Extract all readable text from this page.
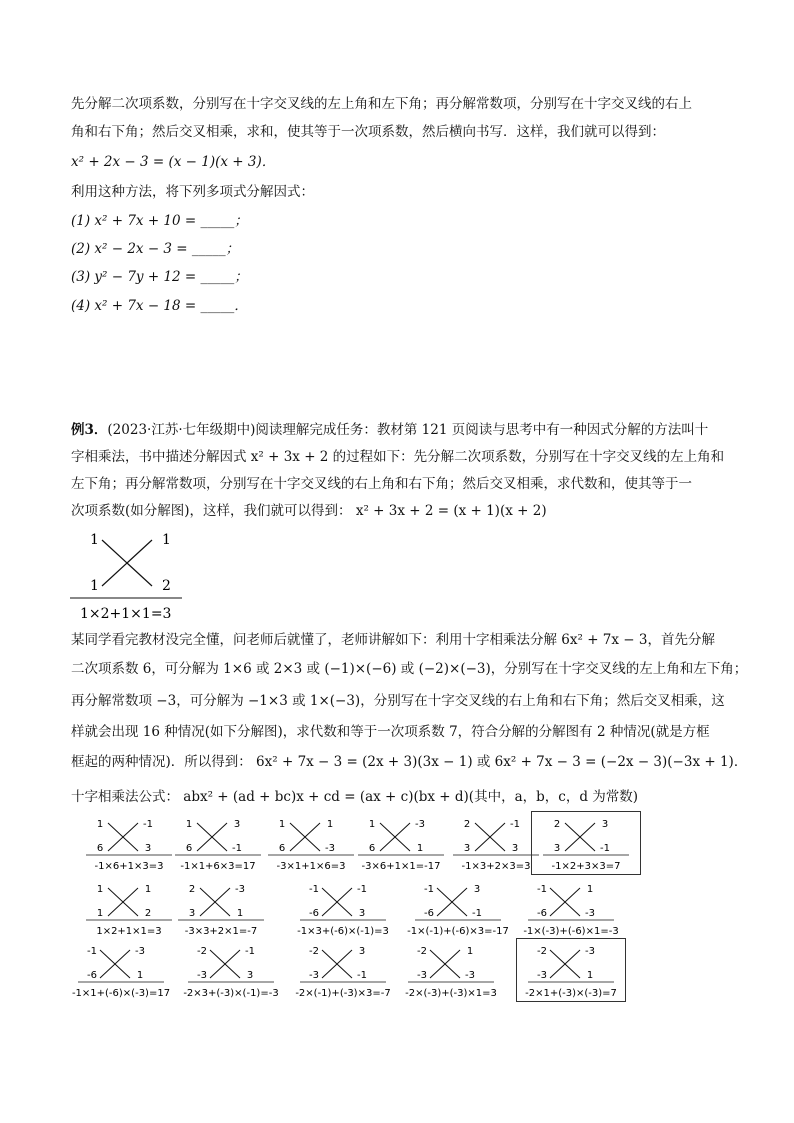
先分解二次项系数，分别写在十字交叉线的左上角和左下角；再分解常数项，分别写在十字交叉线的右上
角和右下角；然后交叉相乘，求和，使其等于一次项系数，然后横向书写．这样，我们就可以得到：
x² + 2x − 3 = (x − 1)(x + 3)．
利用这种方法，将下列多项式分解因式：
(1) x² + 7x + 10 = _____；
(2) x² − 2x − 3 = _____；
(3) y² − 7y + 12 = _____；
(4) x² + 7x − 18 = _____．
例3．(2023·江苏·七年级期中)阅读理解完成任务：教材第 121 页阅读与思考中有一种因式分解的方法叫十
字相乘法，书中描述分解因式 x² + 3x + 2 的过程如下：先分解二次项系数，分别写在十字交叉线的左上角和
左下角；再分解常数项，分别写在十字交叉线的右上角和右下角；然后交叉相乘，求代数和，使其等于一
次项系数(如分解图)，这样，我们就可以得到： x² + 3x + 2 = (x + 1)(x + 2)
1	1
1	2
1×2+1×1=3
某同学看完教材没完全懂，问老师后就懂了，老师讲解如下：利用十字相乘法分解 6x² + 7x − 3，首先分解
二次项系数 6，可分解为 1×6 或 2×3 或 (−1)×(−6) 或 (−2)×(−3)，分别写在十字交叉线的左上角和左下角；
再分解常数项 −3，可分解为 −1×3 或 1×(−3)，分别写在十字交叉线的右上角和右下角；然后交叉相乘，这
样就会出现 16 种情况(如下分解图)，求代数和等于一次项系数 7，符合分解的分解图有 2 种情况(就是方框
框起的两种情况)．所以得到： 6x² + 7x − 3 = (2x + 3)(3x − 1) 或 6x² + 7x − 3 = (−2x − 3)(−3x + 1)．
十字相乘法公式： abx² + (ad + bc)x + cd = (ax + c)(bx + d)(其中，a，b，c，d 为常数)
1	-1
6	3
-1×6+1×3=3
1	3
6	-1
-1×1+6×3=17
1	1
6	-3
-3×1+1×6=3
1	-3
6	1
-3×6+1×1=-17
2	-1
3	3
-1×3+2×3=3
2	3
3	-1
-1×2+3×3=7
1	1
1	2
1×2+1×1=3
2	-3
3	1
-3×3+2×1=-7
-1	-1
-6	3
-1×3+(-6)×(-1)=3
-1	3
-6	-1
-1×(-1)+(-6)×3=-17
-1	1
-6	-3
-1×(-3)+(-6)×1=-3
-1	-3
-6	1
-1×1+(-6)×(-3)=17
-2	-1
-3	3
-2×3+(-3)×(-1)=-3
-2	3
-3	-1
-2×(-1)+(-3)×3=-7
-2	1
-3	-3
-2×(-3)+(-3)×1=3
-2	-3
-3	1
-2×1+(-3)×(-3)=7
